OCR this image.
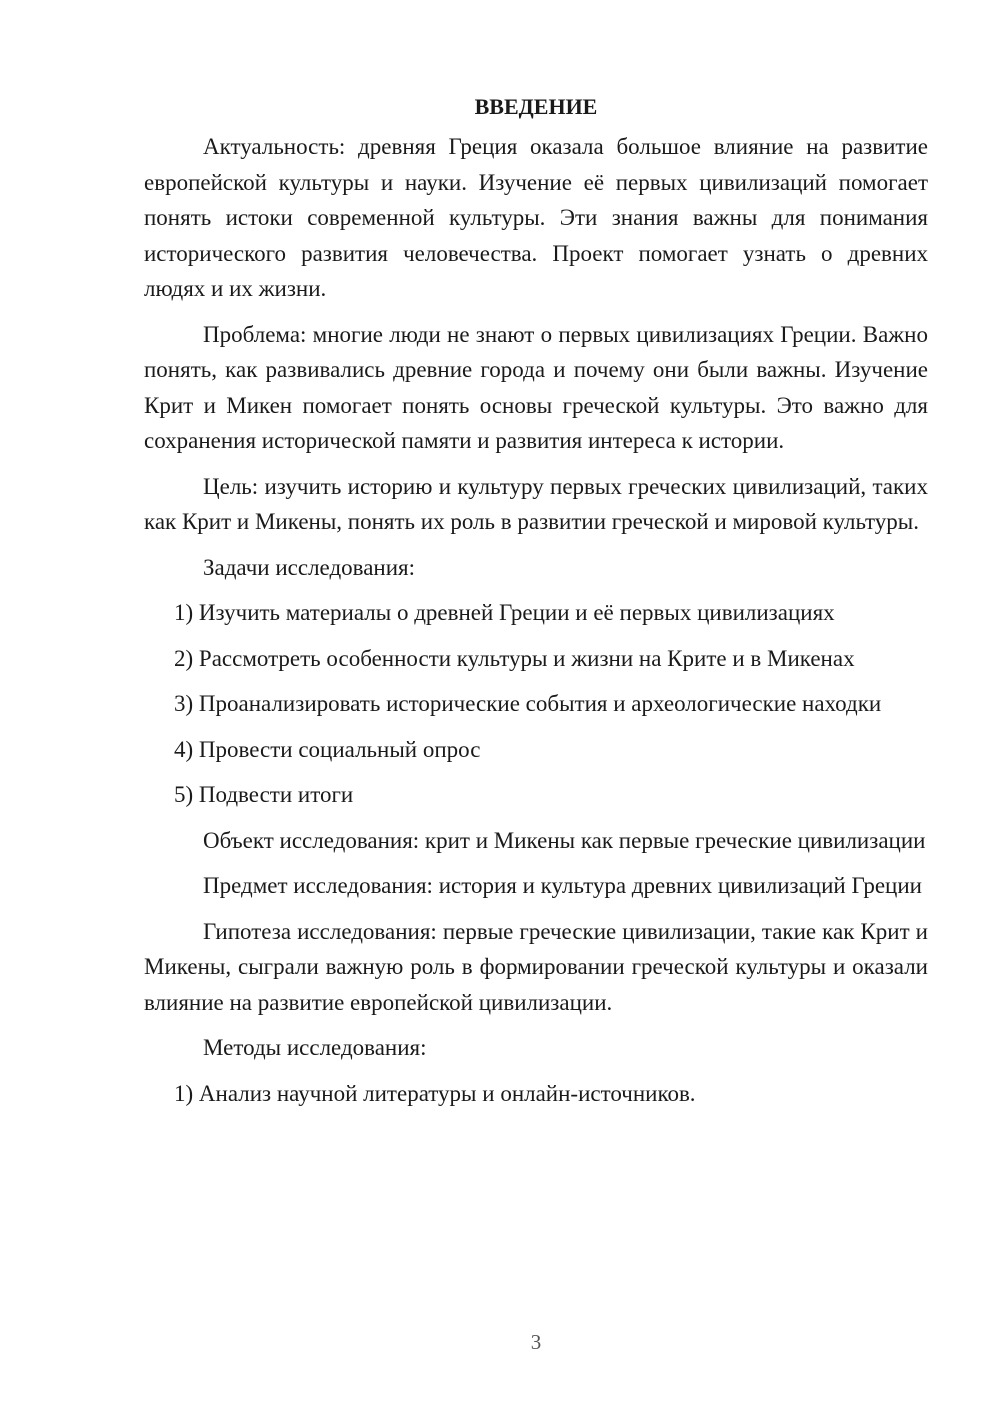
ВВЕДЕНИЕ

Актуальность: древняя Греция оказала большое влияние на развитие европейской культуры и науки. Изучение её первых цивилизаций помогает понять истоки современной культуры. Эти знания важны для понимания исторического развития человечества. Проект помогает узнать о древних людях и их жизни.

Проблема: многие люди не знают о первых цивилизациях Греции. Важно понять, как развивались древние города и почему они были важны. Изучение Крит и Микен помогает понять основы греческой культуры. Это важно для сохранения исторической памяти и развития интереса к истории.

Цель: изучить историю и культуру первых греческих цивилизаций, таких как Крит и Микены, понять их роль в развитии греческой и мировой культуры.

Задачи исследования:

1) Изучить материалы о древней Греции и её первых цивилизациях

2) Рассмотреть особенности культуры и жизни на Крите и в Микенах

3) Проанализировать исторические события и археологические находки

4) Провести социальный опрос

5) Подвести итоги

Объект исследования: крит и Микены как первые греческие цивилизации

Предмет исследования: история и культура древних цивилизаций Греции

Гипотеза исследования: первые греческие цивилизации, такие как Крит и Микены, сыграли важную роль в формировании греческой культуры и оказали влияние на развитие европейской цивилизации.

Методы исследования:

1) Анализ научной литературы и онлайн-источников.

3
